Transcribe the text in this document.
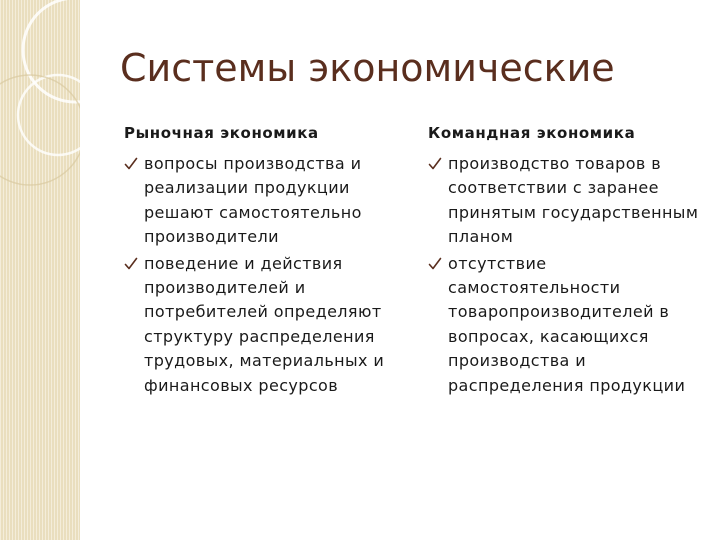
Системы экономические
Рыночная экономика
вопросы производства и реализации продукции решают самостоятельно производители
поведение и действия производителей и потребителей определяют структуру распределения трудовых, материальных и финансовых ресурсов
Командная экономика
производство товаров в соответствии с заранее принятым государственным планом
отсутствие самостоятельности товаропроизводителей в вопросах, касающихся производства и распределения продукции
